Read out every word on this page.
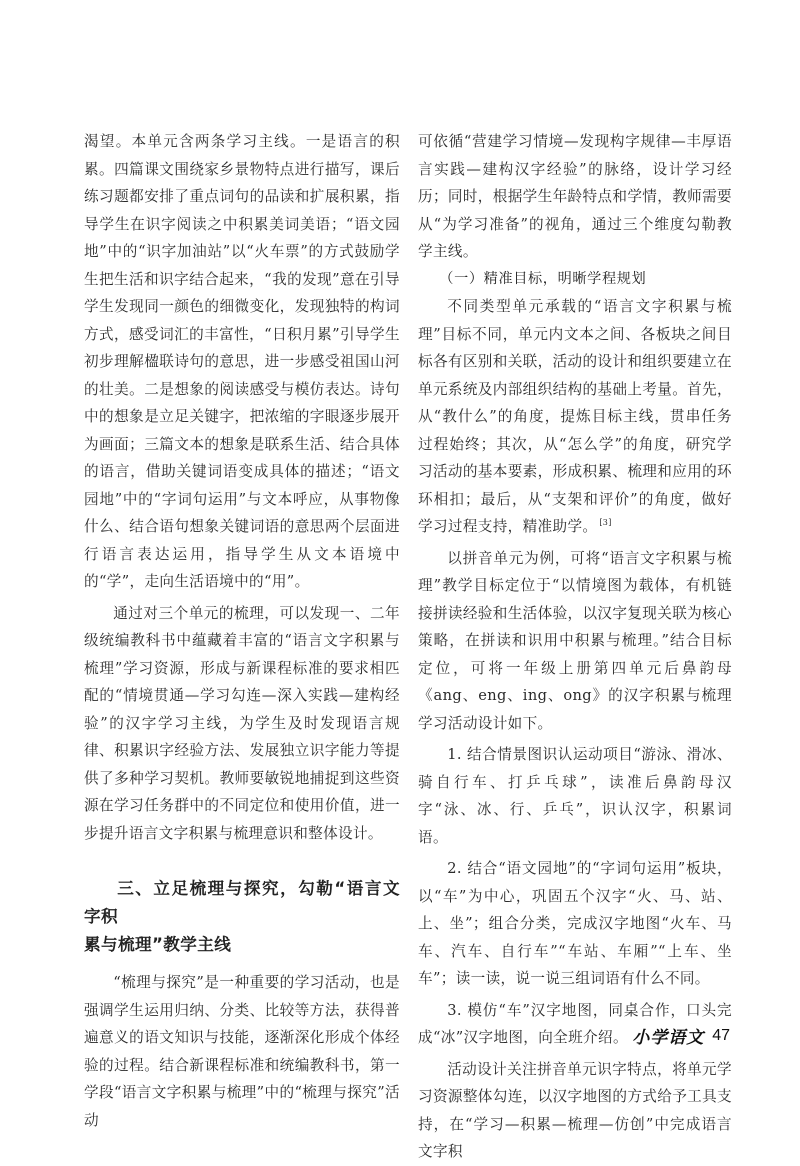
渴望。本单元含两条学习主线。一是语言的积累。四篇课文围绕家乡景物特点进行描写，课后练习题都安排了重点词句的品读和扩展积累，指导学生在识字阅读之中积累美词美语；“语文园地”中的“识字加油站”以“火车票”的方式鼓励学生把生活和识字结合起来，“我的发现”意在引导学生发现同一颜色的细微变化，发现独特的构词方式，感受词汇的丰富性，“日积月累”引导学生初步理解楹联诗句的意思，进一步感受祖国山河的壮美。二是想象的阅读感受与模仿表达。诗句中的想象是立足关键字，把浓缩的字眼逐步展开为画面；三篇文本的想象是联系生活、结合具体的语言，借助关键词语变成具体的描述；“语文园地”中的“字词句运用”与文本呼应，从事物像什么、结合语句想象关键词语的意思两个层面进行语言表达运用，指导学生从文本语境中的“学”，走向生活语境中的“用”。

通过对三个单元的梳理，可以发现一、二年级统编教科书中蕴藏着丰富的“语言文字积累与梳理”学习资源，形成与新课程标准的要求相匹配的“情境贯通—学习勾连—深入实践—建构经验”的汉字学习主线，为学生及时发现语言规律、积累识字经验方法、发展独立识字能力等提供了多种学习契机。教师要敏锐地捕捉到这些资源在学习任务群中的不同定位和使用价值，进一步提升语言文字积累与梳理意识和整体设计。

三、立足梳理与探究，勾勒“语言文字积
累与梳理”教学主线

“梳理与探究”是一种重要的学习活动，也是强调学生运用归纳、分类、比较等方法，获得普遍意义的语文知识与技能，逐渐深化形成个体经验的过程。结合新课程标准和统编教科书，第一学段“语言文字积累与梳理”中的“梳理与探究”活动

可依循“营建学习情境—发现构字规律—丰厚语言实践—建构汉字经验”的脉络，设计学习经历；同时，根据学生年龄特点和学情，教师需要从“为学习准备”的视角，通过三个维度勾勒教学主线。

（一）精准目标，明晰学程规划

不同类型单元承载的“语言文字积累与梳理”目标不同，单元内文本之间、各板块之间目标各有区别和关联，活动的设计和组织要建立在单元系统及内部组织结构的基础上考量。首先，从“教什么”的角度，提炼目标主线，贯串任务过程始终；其次，从“怎么学”的角度，研究学习活动的基本要素，形成积累、梳理和应用的环环相扣；最后，从“支架和评价”的角度，做好学习过程支持，精准助学。 [3]

以拼音单元为例，可将“语言文字积累与梳理”教学目标定位于“以情境图为载体，有机链接拼读经验和生活体验，以汉字复现关联为核心策略，在拼读和识用中积累与梳理。”结合目标定位，可将一年级上册第四单元后鼻韵母《ang、eng、ing、ong》的汉字积累与梳理学习活动设计如下。

1. 结合情景图识认运动项目“游泳、滑冰、骑自行车、打乒乓球”，读准后鼻韵母汉字“泳、冰、行、乒乓”，识认汉字，积累词语。

2. 结合“语文园地”的“字词句运用”板块，以“车”为中心，巩固五个汉字“火、马、站、上、坐”；组合分类，完成汉字地图“火车、马车、汽车、自行车”“车站、车厢”“上车、坐车”；读一读，说一说三组词语有什么不同。

3. 模仿“车”汉字地图，同桌合作，口头完成“冰”汉字地图，向全班介绍。

活动设计关注拼音单元识字特点，将单元学习资源整体勾连，以汉字地图的方式给予工具支持，在“学习—积累—梳理—仿创”中完成语言文字积

小学语文 47
